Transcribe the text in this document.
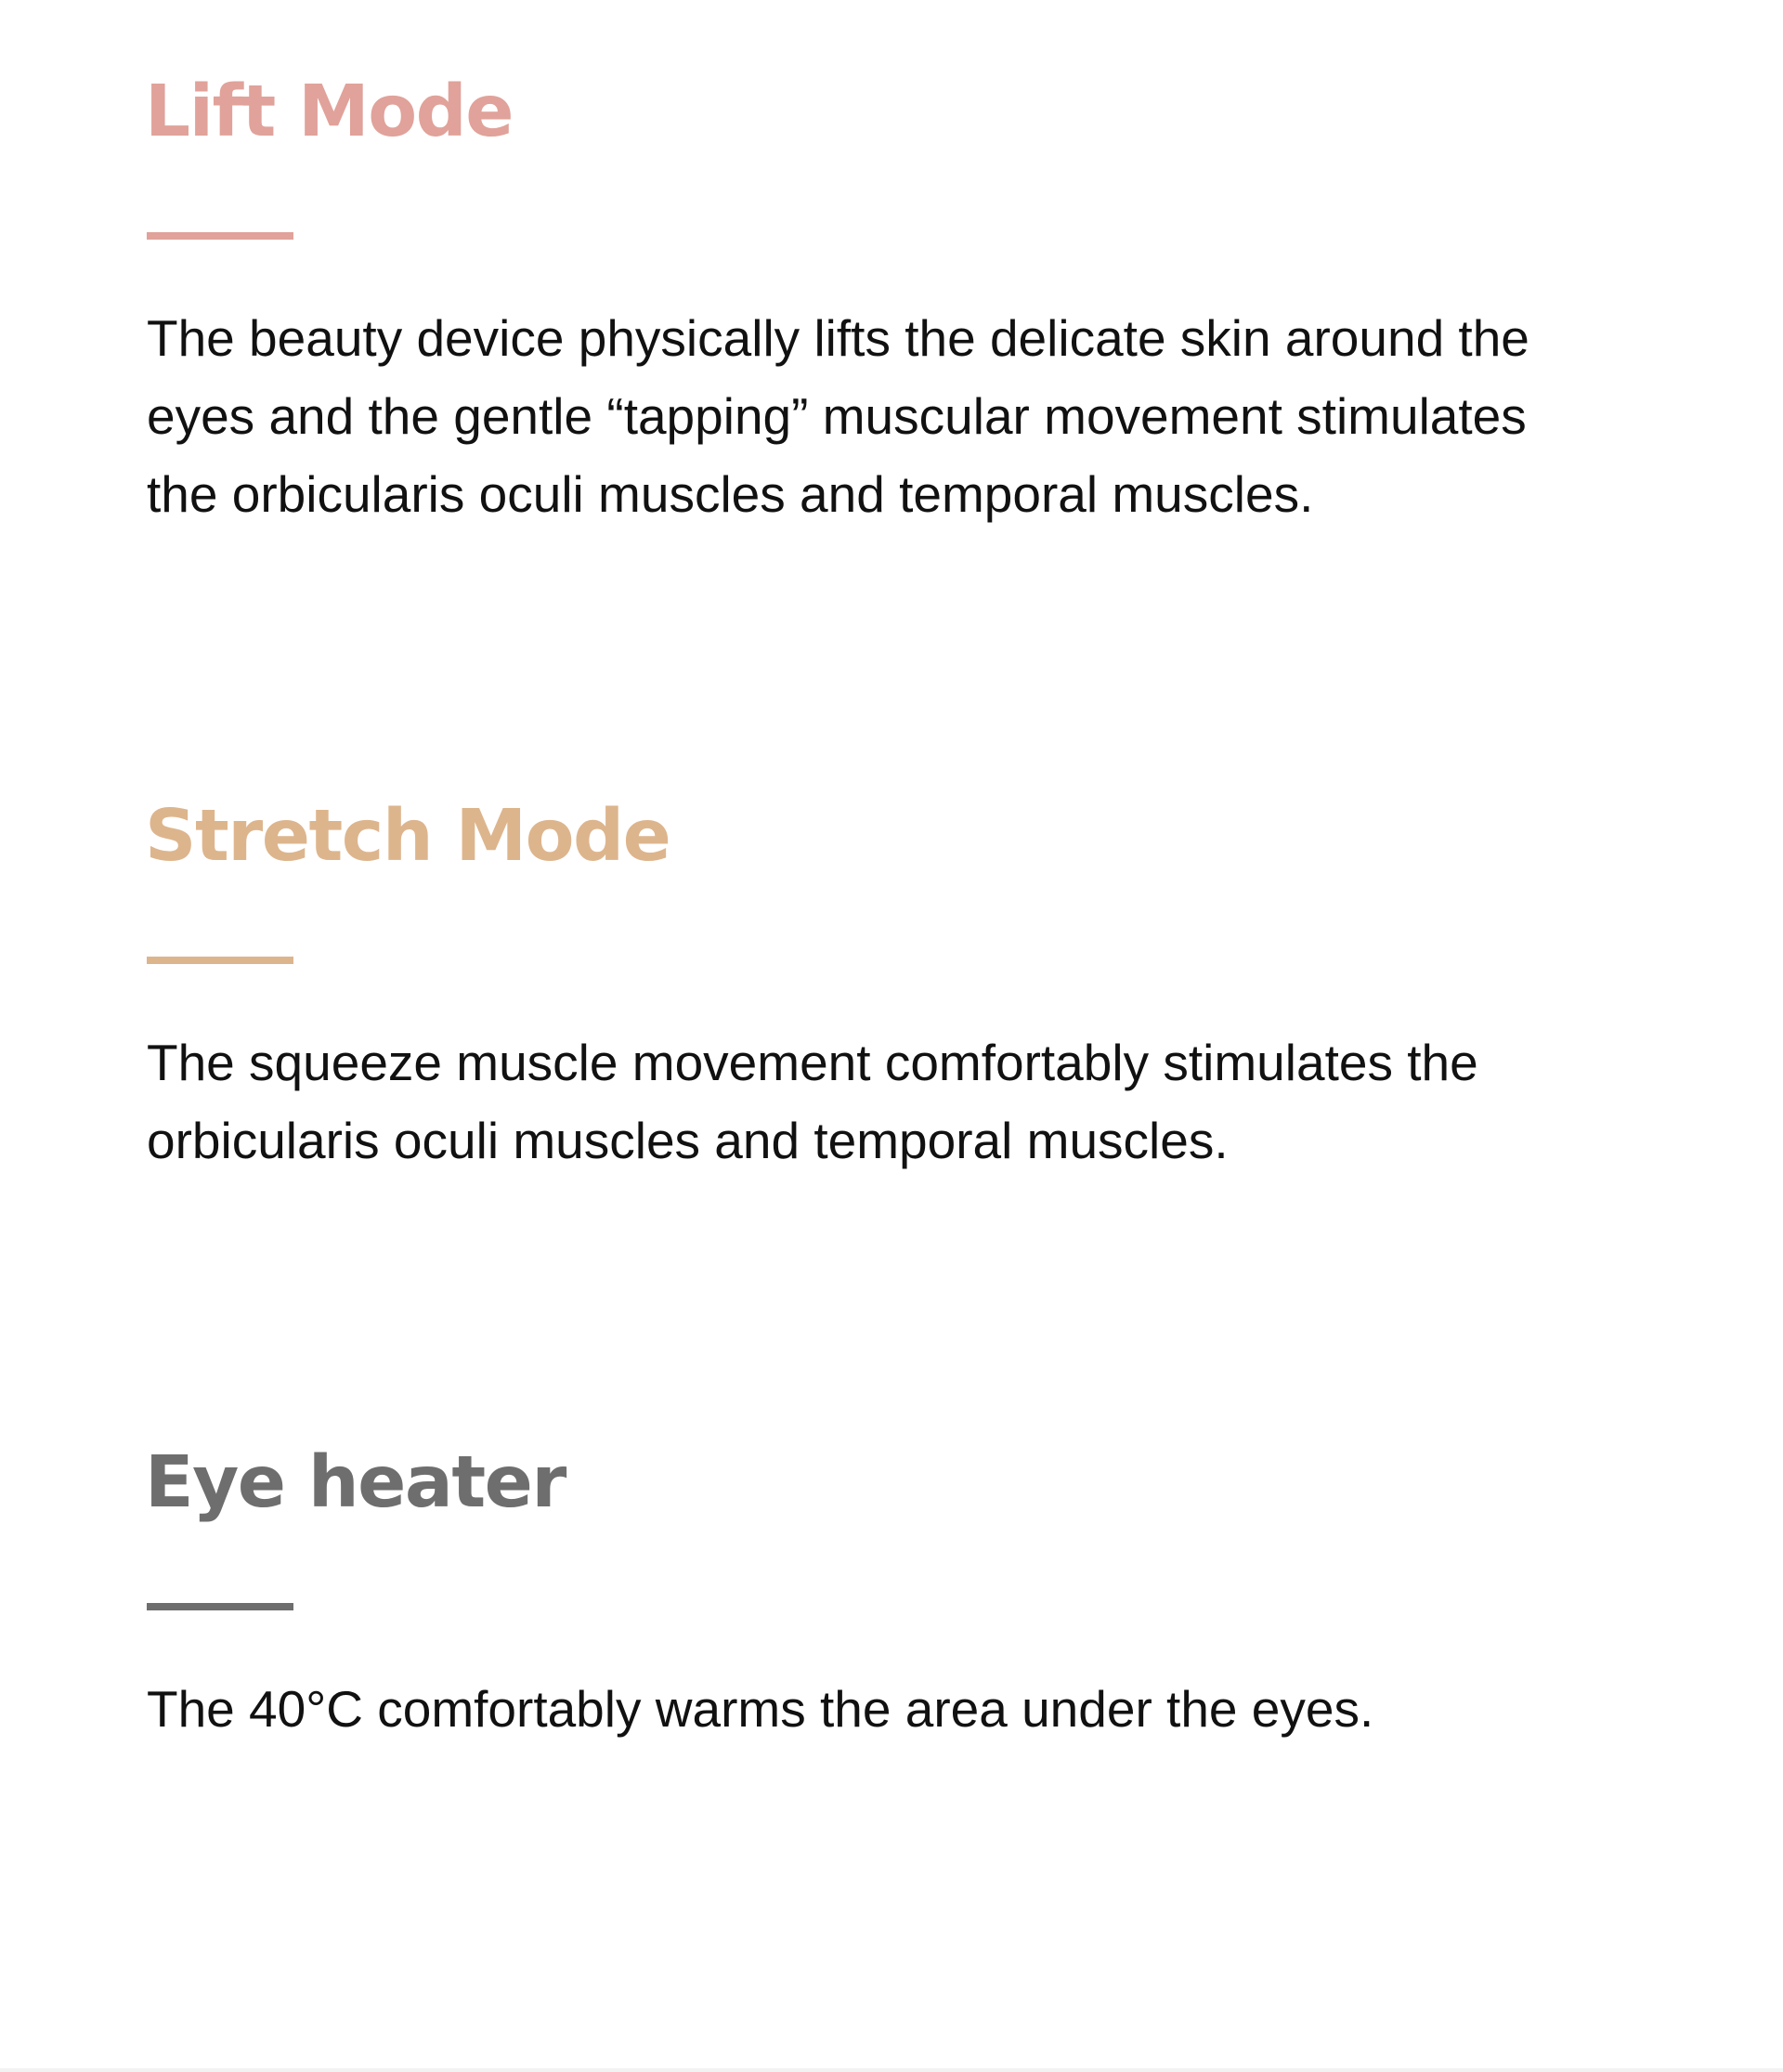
Lift Mode

The beauty device physically lifts the delicate skin around the eyes and the gentle “tapping” muscular movement stimulates the orbicularis oculi muscles and temporal muscles.

Stretch Mode

The squeeze muscle movement comfortably stimulates the orbicularis oculi muscles and temporal muscles.

Eye heater

The 40°C comfortably warms the area under the eyes.
